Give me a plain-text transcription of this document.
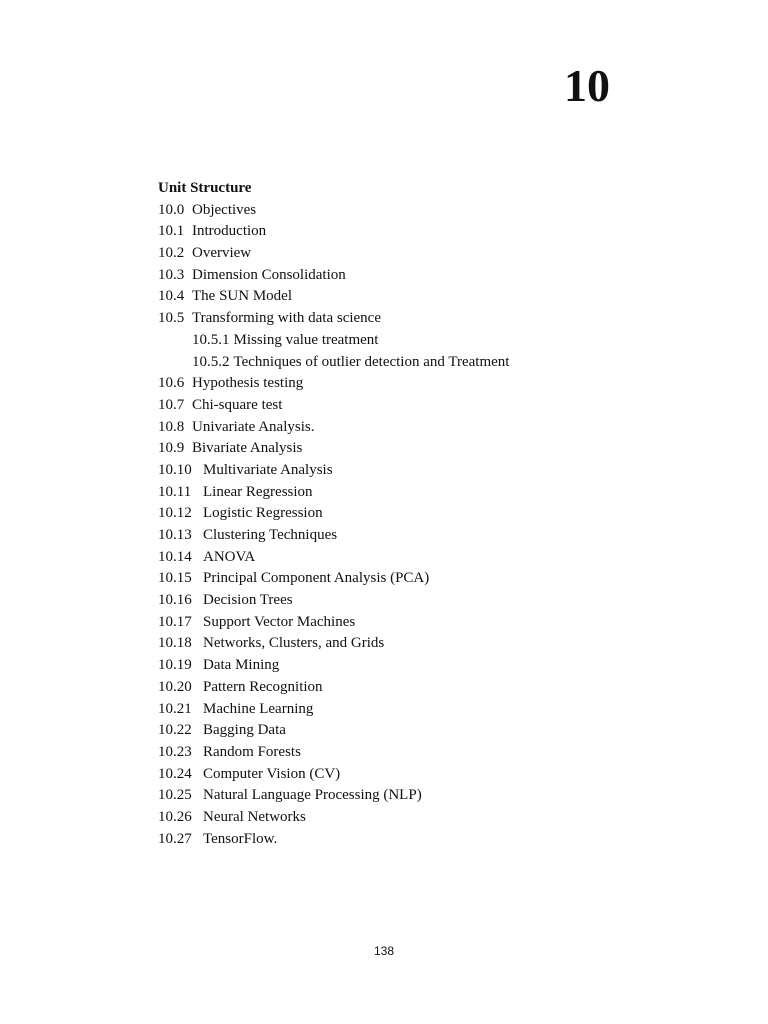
10
Unit Structure
10.0 Objectives
10.1 Introduction
10.2 Overview
10.3 Dimension Consolidation
10.4 The SUN Model
10.5 Transforming with data science
10.5.1 Missing value treatment
10.5.2 Techniques of outlier detection and Treatment
10.6 Hypothesis testing
10.7 Chi-square test
10.8 Univariate Analysis.
10.9 Bivariate Analysis
10.10 Multivariate Analysis
10.11 Linear Regression
10.12 Logistic Regression
10.13 Clustering Techniques
10.14 ANOVA
10.15 Principal Component Analysis (PCA)
10.16 Decision Trees
10.17 Support Vector Machines
10.18 Networks, Clusters, and Grids
10.19 Data Mining
10.20 Pattern Recognition
10.21 Machine Learning
10.22 Bagging Data
10.23 Random Forests
10.24 Computer Vision (CV)
10.25 Natural Language Processing (NLP)
10.26 Neural Networks
10.27 TensorFlow.
138
